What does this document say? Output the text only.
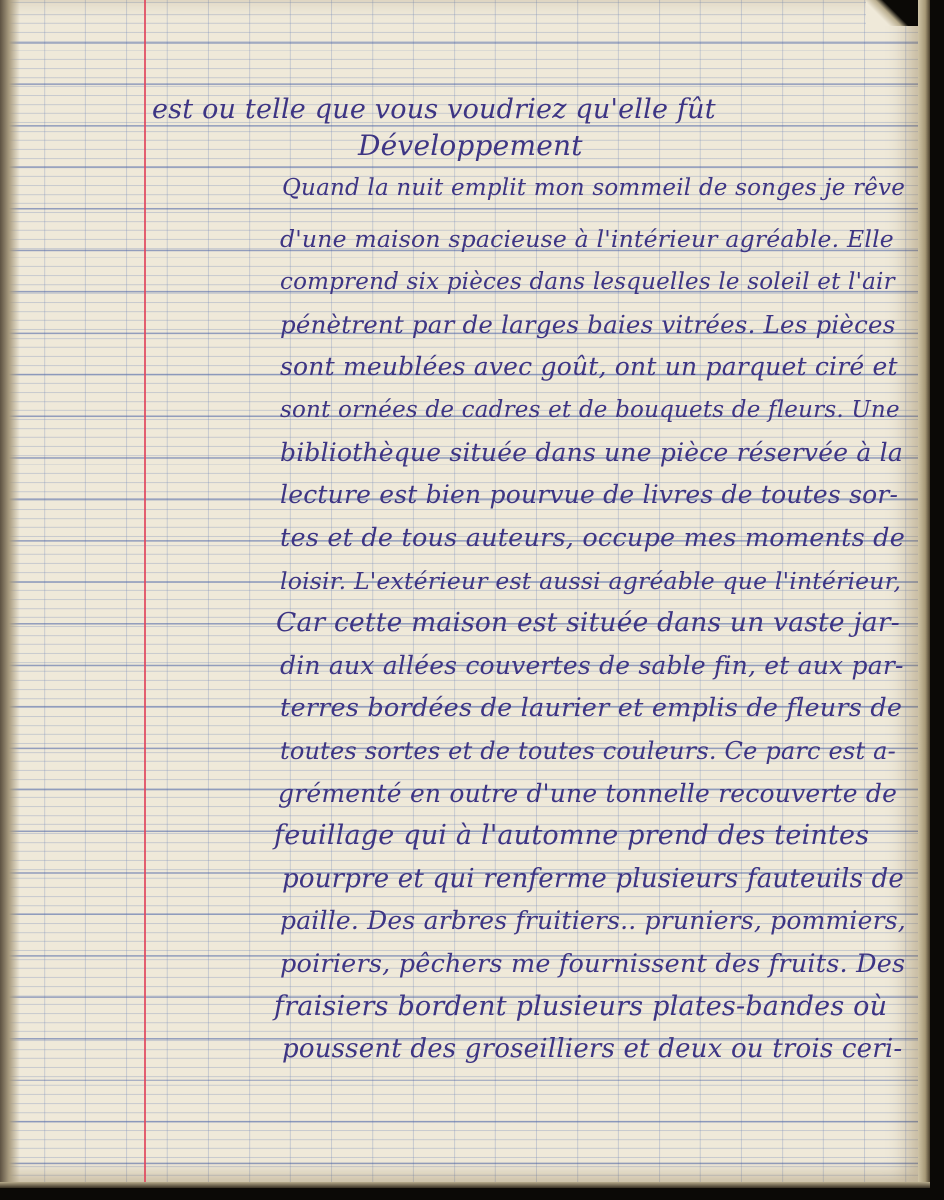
est ou telle que vous voudriez qu'elle fût
Développement
Quand la nuit emplit mon sommeil de songes je rêve
d'une maison spacieuse à l'intérieur agréable. Elle
comprend six pièces dans lesquelles le soleil et l'air
pénètrent par de larges baies vitrées. Les pièces
sont meublées avec goût, ont un parquet ciré et
sont ornées de cadres et de bouquets de fleurs. Une
bibliothèque située dans une pièce réservée à la
lecture est bien pourvue de livres de toutes sor-
tes et de tous auteurs, occupe mes moments de
loisir. L'extérieur est aussi agréable que l'intérieur,
Car cette maison est située dans un vaste jar-
din aux allées couvertes de sable fin, et aux par-
terres bordées de laurier et emplis de fleurs de
toutes sortes et de toutes couleurs. Ce parc est a-
grémenté en outre d'une tonnelle recouverte de
feuillage qui à l'automne prend des teintes
pourpre et qui renferme plusieurs fauteuils de
paille. Des arbres fruitiers.. pruniers, pommiers,
poiriers, pêchers me fournissent des fruits. Des
fraisiers bordent plusieurs plates-bandes où
poussent des groseilliers et deux ou trois ceri-
